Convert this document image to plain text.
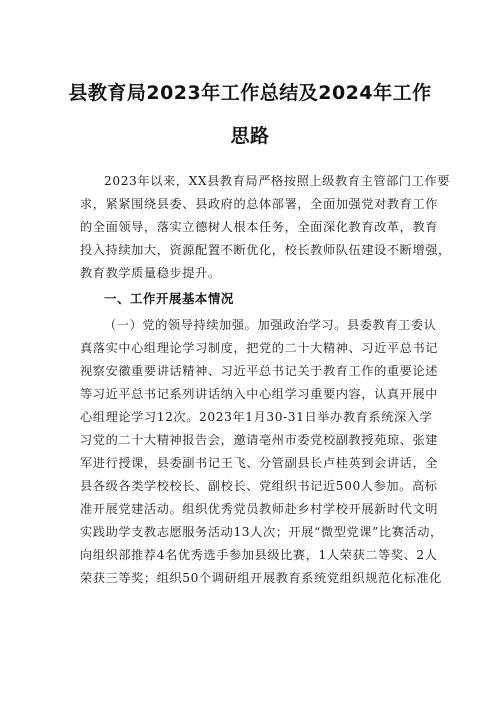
县教育局2023年工作总结及2024年工作
思路
2023年以来，XX县教育局严格按照上级教育主管部门工作要
求，紧紧围绕县委、县政府的总体部署，全面加强党对教育工作
的全面领导，落实立德树人根本任务，全面深化教育改革，教育
投入持续加大，资源配置不断优化，校长教师队伍建设不断增强，
教育教学质量稳步提升。
一、工作开展基本情况
（一）党的领导持续加强。加强政治学习。县委教育工委认
真落实中心组理论学习制度，把党的二十大精神、习近平总书记
视察安徽重要讲话精神、习近平总书记关于教育工作的重要论述
等习近平总书记系列讲话纳入中心组学习重要内容，认真开展中
心组理论学习12次。2023年1月30-31日举办教育系统深入学
习党的二十大精神报告会，邀请亳州市委党校副教授苑琼、张建
军进行授课，县委副书记王飞、分管副县长卢桂英到会讲话，全
县各级各类学校校长、副校长、党组织书记近500人参加。高标
准开展党建活动。组织优秀党员教师赴乡村学校开展新时代文明
实践助学支教志愿服务活动13人次；开展“微型党课”比赛活动，
向组织部推荐4名优秀选手参加县级比赛，1人荣获二等奖、2人
荣获三等奖；组织50个调研组开展教育系统党组织规范化标准化
